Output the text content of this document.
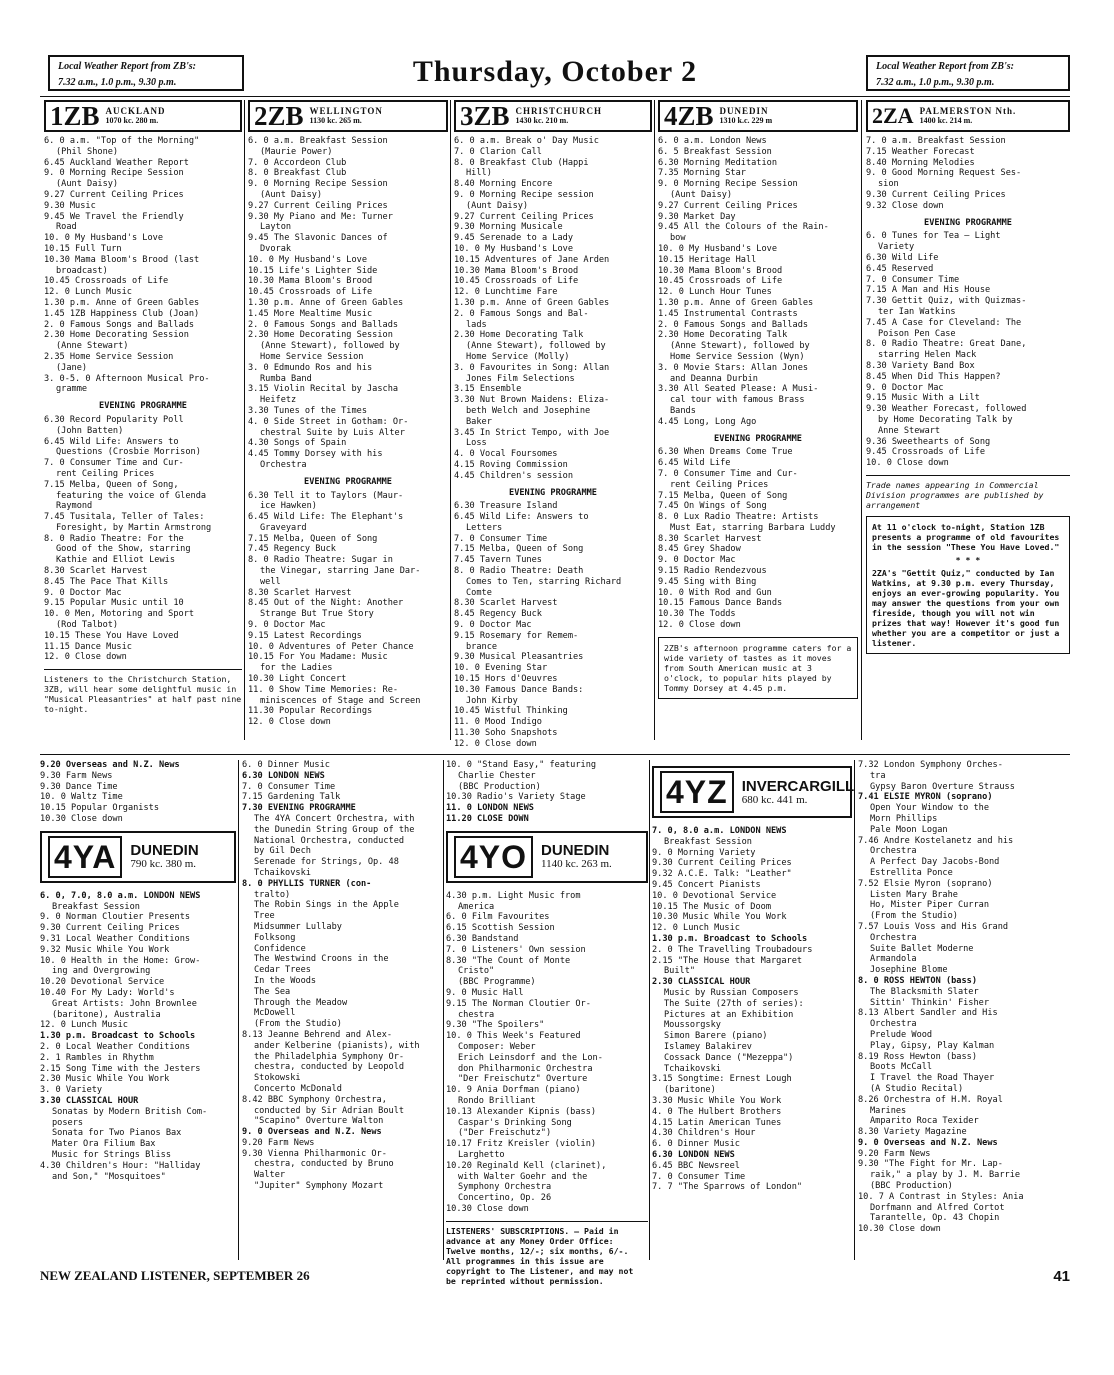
Local Weather Report from ZB's:
7.32 a.m., 1.0 p.m., 9.30 p.m.	Thursday, October 2	Local Weather Report from ZB's:
7.32 a.m., 1.0 p.m., 9.30 p.m.
1ZB AUCKLAND
1070 kc. 280 m.
6. 0 a.m. "Top of the Morning"
(Phil Shone)
6.45 Auckland Weather Report
9. 0 Morning Recipe Session
(Aunt Daisy)
9.27 Current Ceiling Prices
9.30 Music
9.45 We Travel the Friendly
Road
10. 0 My Husband's Love
10.15 Full Turn
10.30 Mama Bloom's Brood (last
broadcast)
10.45 Crossroads of Life
12. 0 Lunch Music
1.30 p.m. Anne of Green Gables
1.45 1ZB Happiness Club (Joan)
2. 0 Famous Songs and Ballads
2.30 Home Decorating Session
(Anne Stewart)
2.35 Home Service Session
(Jane)
3. 0-5. 0 Afternoon Musical Pro-
gramme
EVENING PROGRAMME
6.30 Record Popularity Poll
(John Batten)
6.45 Wild Life: Answers to
Questions (Crosbie Morrison)
7. 0 Consumer Time and Cur-
rent Ceiling Prices
7.15 Melba, Queen of Song,
featuring the voice of Glenda
Raymond
7.45 Tusitala, Teller of Tales:
Foresight, by Martin Armstrong
8. 0 Radio Theatre: For the
Good of the Show, starring
Kathie and Elliot Lewis
8.30 Scarlet Harvest
8.45 The Pace That Kills
9. 0 Doctor Mac
9.15 Popular Music until 10
10. 0 Men, Motoring and Sport
(Rod Talbot)
10.15 These You Have Loved
11.15 Dance Music
12. 0 Close down
Listeners to the Christchurch Station, 3ZB, will hear some delightful music in "Musical Pleasantries" at half past nine to-night.
2ZB WELLINGTON
1130 kc. 265 m.
6. 0 a.m. Breakfast Session
(Maurie Power)
7. 0 Accordeon Club
8. 0 Breakfast Club
9. 0 Morning Recipe Session
(Aunt Daisy)
9.27 Current Ceiling Prices
9.30 My Piano and Me: Turner
Layton
9.45 The Slavonic Dances of
Dvorak
10. 0 My Husband's Love
10.15 Life's Lighter Side
10.30 Mama Bloom's Brood
10.45 Crossroads of Life
1.30 p.m. Anne of Green Gables
1.45 More Mealtime Music
2. 0 Famous Songs and Ballads
2.30 Home Decorating Session
(Anne Stewart), followed by
Home Service Session
3. 0 Edmundo Ros and his
Rumba Band
3.15 Violin Recital by Jascha
Heifetz
3.30 Tunes of the Times
4. 0 Side Street in Gotham: Or-
chestral Suite by Luis Alter
4.30 Songs of Spain
4.45 Tommy Dorsey with his
Orchestra
EVENING PROGRAMME
6.30 Tell it to Taylors (Maur-
ice Hawken)
6.45 Wild Life: The Elephant's
Graveyard
7.15 Melba, Queen of Song
7.45 Regency Buck
8. 0 Radio Theatre: Sugar in
the Vinegar, starring Jane Dar-
well
8.30 Scarlet Harvest
8.45 Out of the Night: Another
Strange But True Story
9. 0 Doctor Mac
9.15 Latest Recordings
10. 0 Adventures of Peter Chance
10.15 For You Madame: Music
for the Ladies
10.30 Light Concert
11. 0 Show Time Memories: Re-
miniscences of Stage and Screen
11.30 Popular Recordings
12. 0 Close down
3ZB CHRISTCHURCH
1430 kc. 210 m.
6. 0 a.m. Break o' Day Music
7. 0 Clarion Call
8. 0 Breakfast Club (Happi
Hill)
8.40 Morning Encore
9. 0 Morning Recipe session
(Aunt Daisy)
9.27 Current Ceiling Prices
9.30 Morning Musicale
9.45 Serenade to a Lady
10. 0 My Husband's Love
10.15 Adventures of Jane Arden
10.30 Mama Bloom's Brood
10.45 Crossroads of Life
12. 0 Lunchtime Fare
1.30 p.m. Anne of Green Gables
2. 0 Famous Songs and Bal-
lads
2.30 Home Decorating Talk
(Anne Stewart), followed by
Home Service (Molly)
3. 0 Favourites in Song: Allan
Jones Film Selections
3.15 Ensemble
3.30 Nut Brown Maidens: Eliza-
beth Welch and Josephine
Baker
3.45 In Strict Tempo, with Joe
Loss
4. 0 Vocal Foursomes
4.15 Roving Commission
4.45 Children's session
EVENING PROGRAMME
6.30 Treasure Island
6.45 Wild Life: Answers to
Letters
7. 0 Consumer Time
7.15 Melba, Queen of Song
7.45 Tavern Tunes
8. 0 Radio Theatre: Death
Comes to Ten, starring Richard
Comte
8.30 Scarlet Harvest
8.45 Regency Buck
9. 0 Doctor Mac
9.15 Rosemary for Remem-
brance
9.30 Musical Pleasantries
10. 0 Evening Star
10.15 Hors d'Oeuvres
10.30 Famous Dance Bands:
John Kirby
10.45 Wistful Thinking
11. 0 Mood Indigo
11.30 Soho Snapshots
12. 0 Close down
4ZB DUNEDIN
1310 k.c. 229 m
6. 0 a.m. London News
6. 5 Breakfast Session
6.30 Morning Meditation
7.35 Morning Star
9. 0 Morning Recipe Session
(Aunt Daisy)
9.27 Current Ceiling Prices
9.30 Market Day
9.45 All the Colours of the Rain-
bow
10. 0 My Husband's Love
10.15 Heritage Hall
10.30 Mama Bloom's Brood
10.45 Crossroads of Life
12. 0 Lunch Hour Tunes
1.30 p.m. Anne of Green Gables
1.45 Instrumental Contrasts
2. 0 Famous Songs and Ballads
2.30 Home Decorating Talk
(Anne Stewart), followed by
Home Service Session (Wyn)
3. 0 Movie Stars: Allan Jones
and Deanna Durbin
3.30 All Seated Please: A Musi-
cal tour with famous Brass
Bands
4.45 Long, Long Ago
EVENING PROGRAMME
6.30 When Dreams Come True
6.45 Wild Life
7. 0 Consumer Time and Cur-
rent Ceiling Prices
7.15 Melba, Queen of Song
7.45 On Wings of Song
8. 0 Lux Radio Theatre: Artists
Must Eat, starring Barbara Luddy
8.30 Scarlet Harvest
8.45 Grey Shadow
9. 0 Doctor Mac
9.15 Radio Rendezvous
9.45 Sing with Bing
10. 0 With Rod and Gun
10.15 Famous Dance Bands
10.30 The Todds
12. 0 Close down
2ZB's afternoon programme caters for a wide variety of tastes as it moves from South American music at 3 o'clock, to popular hits played by Tommy Dorsey at 4.45 p.m.
2ZA PALMERSTON Nth.
1400 kc. 214 m.
7. 0 a.m. Breakfast Session
7.15 Weather Forecast
8.40 Morning Melodies
9. 0 Good Morning Request Ses-
sion
9.30 Current Ceiling Prices
9.32 Close down
EVENING PROGRAMME
6. 0 Tunes for Tea — Light
Variety
6.30 Wild Life
6.45 Reserved
7. 0 Consumer Time
7.15 A Man and His House
7.30 Gettit Quiz, with Quizmas-
ter Ian Watkins
7.45 A Case for Cleveland: The
Poison Pen Case
8. 0 Radio Theatre: Great Dane,
starring Helen Mack
8.30 Variety Band Box
8.45 When Did This Happen?
9. 0 Doctor Mac
9.15 Music With a Lilt
9.30 Weather Forecast, followed
by Home Decorating Talk by
Anne Stewart
9.36 Sweethearts of Song
9.45 Crossroads of Life
10. 0 Close down
Trade names appearing in Commercial Division programmes are published by arrangement
At 11 o'clock to-night, Station 1ZB presents a programme of old favourites in the session "These You Have Loved."
* * *
2ZA's "Gettit Quiz," conducted by Ian Watkins, at 9.30 p.m. every Thursday, enjoys an ever-growing popularity. You may answer the questions from your own fireside, though you will not win prizes that way! However it's good fun whether you are a competitor or just a listener.
9.20 Overseas and N.Z. News
9.30 Farm News
9.30 Dance Time
10. 0 Waltz Time
10.15 Popular Organists
10.30 Close down
4YA DUNEDIN
790 kc. 380 m.
6. 0, 7.0, 8.0 a.m. LONDON NEWS
Breakfast Session
9. 0 Norman Cloutier Presents
9.30 Current Ceiling Prices
9.31 Local Weather Conditions
9.32 Music While You Work
10. 0 Health in the Home: Grow-
ing and Overgrowing
10.20 Devotional Service
10.40 For My Lady: World's
Great Artists: John Brownlee
(baritone), Australia
12. 0 Lunch Music
1.30 p.m. Broadcast to Schools
2. 0 Local Weather Conditions
2. 1 Rambles in Rhythm
2.15 Song Time with the Jesters
2.30 Music While You Work
3. 0 Variety
3.30 CLASSICAL HOUR
Sonatas by Modern British Com-
posers
Sonata for Two Pianos Bax
Mater Ora Filium Bax
Music for Strings Bliss
4.30 Children's Hour: "Halliday
and Son," "Mosquitoes"
6. 0 Dinner Music
6.30 LONDON NEWS
7. 0 Consumer Time
7.15 Gardening Talk
7.30 EVENING PROGRAMME
The 4YA Concert Orchestra, with
the Dunedin String Group of the
National Orchestra, conducted
by Gil Dech
Serenade for Strings, Op. 48
Tchaikovski
8. 0 PHYLLIS TURNER (con-
tralto)
The Robin Sings in the Apple
Tree
Midsummer Lullaby
Folksong
Confidence
The Westwind Croons in the
Cedar Trees
In the Woods
The Sea
Through the Meadow
McDowell
(From the Studio)
8.13 Jeanne Behrend and Alex-
ander Kelberine (pianists), with
the Philadelphia Symphony Or-
chestra, conducted by Leopold
Stokowski
Concerto McDonald
8.42 BBC Symphony Orchestra,
conducted by Sir Adrian Boult
"Scapino" Overture Walton
9. 0 Overseas and N.Z. News
9.20 Farm News
9.30 Vienna Philharmonic Or-
chestra, conducted by Bruno
Walter
"Jupiter" Symphony Mozart
10. 0 "Stand Easy," featuring
Charlie Chester
(BBC Production)
10.30 Radio's Variety Stage
11. 0 LONDON NEWS
11.20 CLOSE DOWN
4YO DUNEDIN
1140 kc. 263 m.
4.30 p.m. Light Music from
America
6. 0 Film Favourites
6.15 Scottish Session
6.30 Bandstand
7. 0 Listeners' Own session
8.30 "The Count of Monte
Cristo"
(BBC Programme)
9. 0 Music Hall
9.15 The Norman Cloutier Or-
chestra
9.30 "The Spoilers"
10. 0 This Week's Featured
Composer: Weber
Erich Leinsdorf and the Lon-
don Philharmonic Orchestra
"Der Freischutz" Overture
10. 9 Ania Dorfman (piano)
Rondo Brilliant
10.13 Alexander Kipnis (bass)
Caspar's Drinking Song
("Der Freischutz")
10.17 Fritz Kreisler (violin)
Larghetto
10.20 Reginald Kell (clarinet),
with Walter Goehr and the
Symphony Orchestra
Concertino, Op. 26
10.30 Close down
LISTENERS' SUBSCRIPTIONS. — Paid in advance at any Money Order Office: Twelve months, 12/-; six months, 6/-. All programmes in this issue are copyright to The Listener, and may not be reprinted without permission.
4YZ INVERCARGILL
680 kc. 441 m.
7. 0, 8.0 a.m. LONDON NEWS
Breakfast Session
9. 0 Morning Variety
9.30 Current Ceiling Prices
9.32 A.C.E. Talk: "Leather"
9.45 Concert Pianists
10. 0 Devotional Service
10.15 The Music of Doom
10.30 Music While You Work
12. 0 Lunch Music
1.30 p.m. Broadcast to Schools
2. 0 The Travelling Troubadours
2.15 "The House that Margaret
Built"
2.30 CLASSICAL HOUR
Music by Russian Composers
The Suite (27th of series):
Pictures at an Exhibition
Moussorgsky
Simon Barere (piano)
Islamey Balakirev
Cossack Dance ("Mezeppa")
Tchaikovski
3.15 Songtime: Ernest Lough
(baritone)
3.30 Music While You Work
4. 0 The Hulbert Brothers
4.15 Latin American Tunes
4.30 Children's Hour
6. 0 Dinner Music
6.30 LONDON NEWS
6.45 BBC Newsreel
7. 0 Consumer Time
7. 7 "The Sparrows of London"
7.32 London Symphony Orches-
tra
Gypsy Baron Overture Strauss
7.41 ELSIE MYRON (soprano)
Open Your Window to the
Morn Phillips
Pale Moon Logan
7.46 Andre Kostelanetz and his
Orchestra
A Perfect Day Jacobs-Bond
Estrellita Ponce
7.52 Elsie Myron (soprano)
Listen Mary Brahe
Ho, Mister Piper Curran
(From the Studio)
7.57 Louis Voss and His Grand
Orchestra
Suite Ballet Moderne
Armandola
Josephine Blome
8. 0 ROSS HEWTON (bass)
The Blacksmith Slater
Sittin' Thinkin' Fisher
8.13 Albert Sandler and His
Orchestra
Prelude Wood
Play, Gipsy, Play Kalman
8.19 Ross Hewton (bass)
Boots McCall
I Travel the Road Thayer
(A Studio Recital)
8.26 Orchestra of H.M. Royal
Marines
Amparito Roca Texider
8.30 Variety Magazine
9. 0 Overseas and N.Z. News
9.20 Farm News
9.30 "The Fight for Mr. Lap-
raik," a play by J. M. Barrie
(BBC Production)
10. 7 A Contrast in Styles: Ania
Dorfmann and Alfred Cortot
Tarantelle, Op. 43 Chopin
10.30 Close down
NEW ZEALAND LISTENER, SEPTEMBER 26	41
